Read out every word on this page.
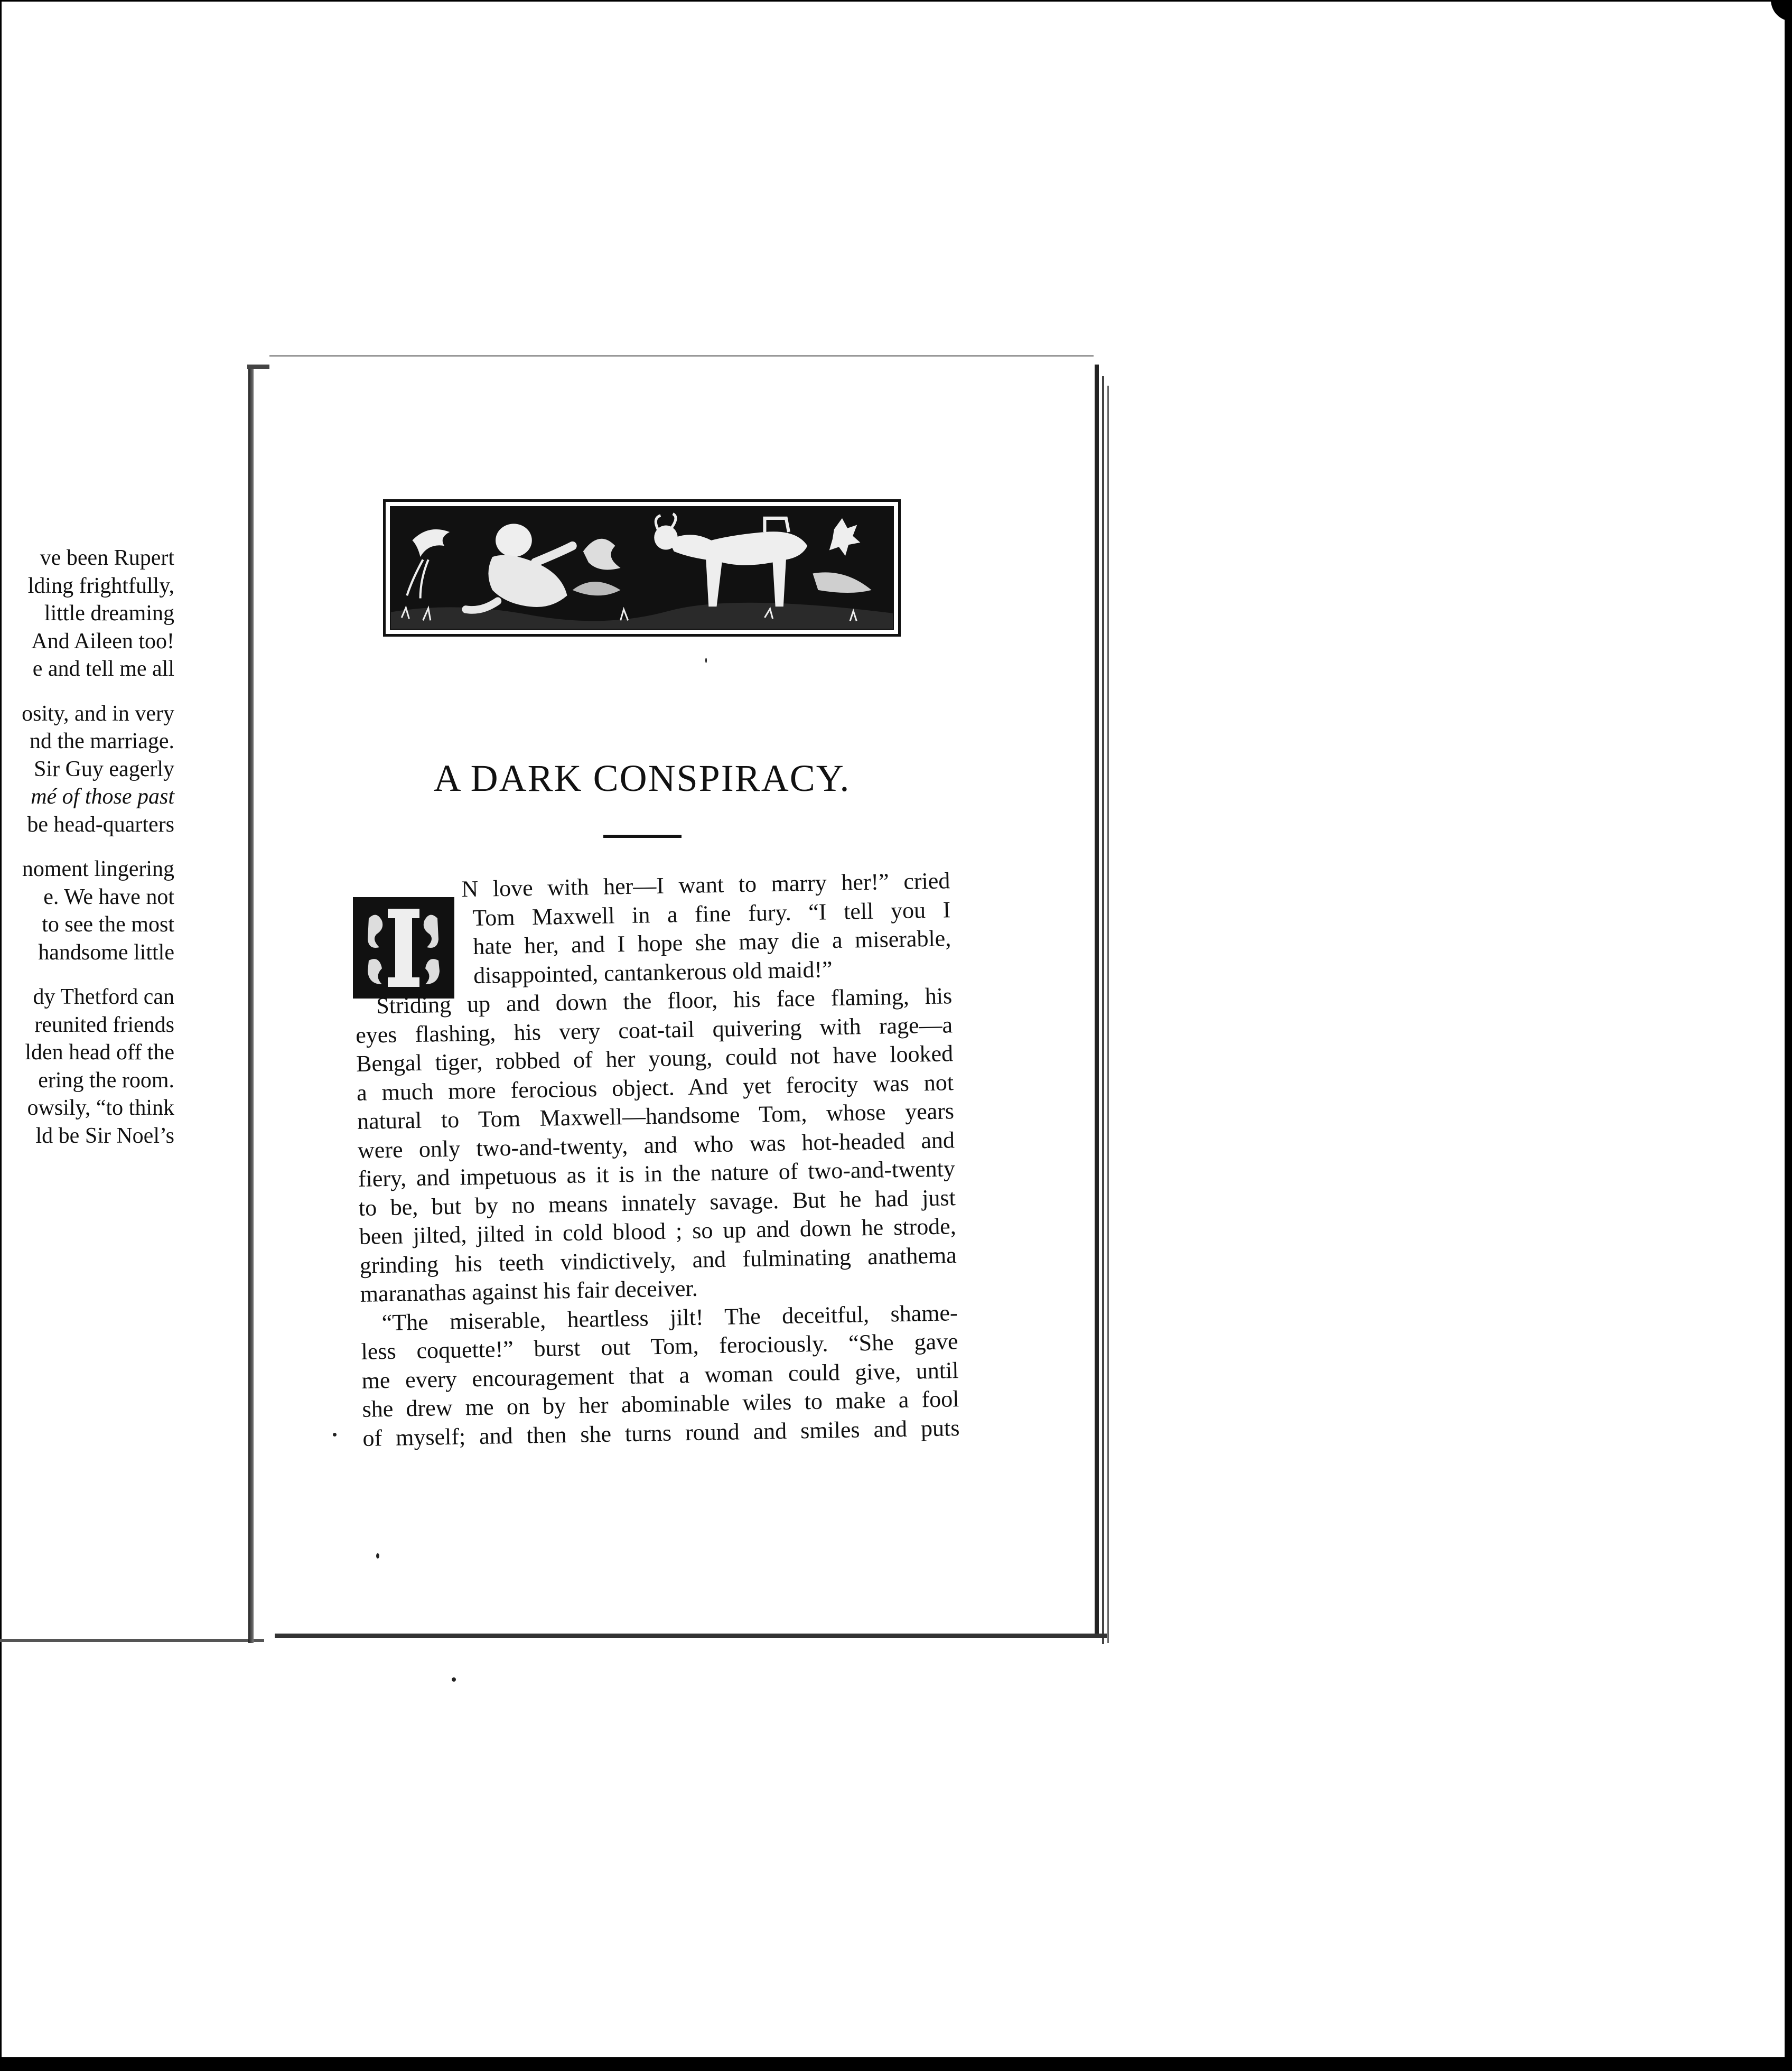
ve been Rupert
lding frightfully,
little dreaming
And Aileen too!
e and tell me all
osity, and in very
nd the marriage.
Sir Guy eagerly
mé of those past
be head-quarters
noment lingering
e. We have not
to see the most
handsome little
dy Thetford can
reunited friends
lden head off the
ering the room.
owsily, “to think
ld be Sir Noel’s
A DARK CONSPIRACY.
N love with her—I want to marry her!” cried
Tom Maxwell in a fine fury. “I tell you I
hate her, and I hope she may die a miserable,
disappointed, cantankerous old maid!”
Striding up and down the floor, his face flaming, his
eyes flashing, his very coat-tail quivering with rage—a
Bengal tiger, robbed of her young, could not have looked
a much more ferocious object. And yet ferocity was not
natural to Tom Maxwell—handsome Tom, whose years
were only two-and-twenty, and who was hot-headed and
fiery, and impetuous as it is in the nature of two-and-twenty
to be, but by no means innately savage. But he had just
been jilted, jilted in cold blood ; so up and down he strode,
grinding his teeth vindictively, and fulminating anathema
maranathas against his fair deceiver.
“The miserable, heartless jilt! The deceitful, shame-
less coquette!” burst out Tom, ferociously. “She gave
me every encouragement that a woman could give, until
she drew me on by her abominable wiles to make a fool
of myself; and then she turns round and smiles and puts
